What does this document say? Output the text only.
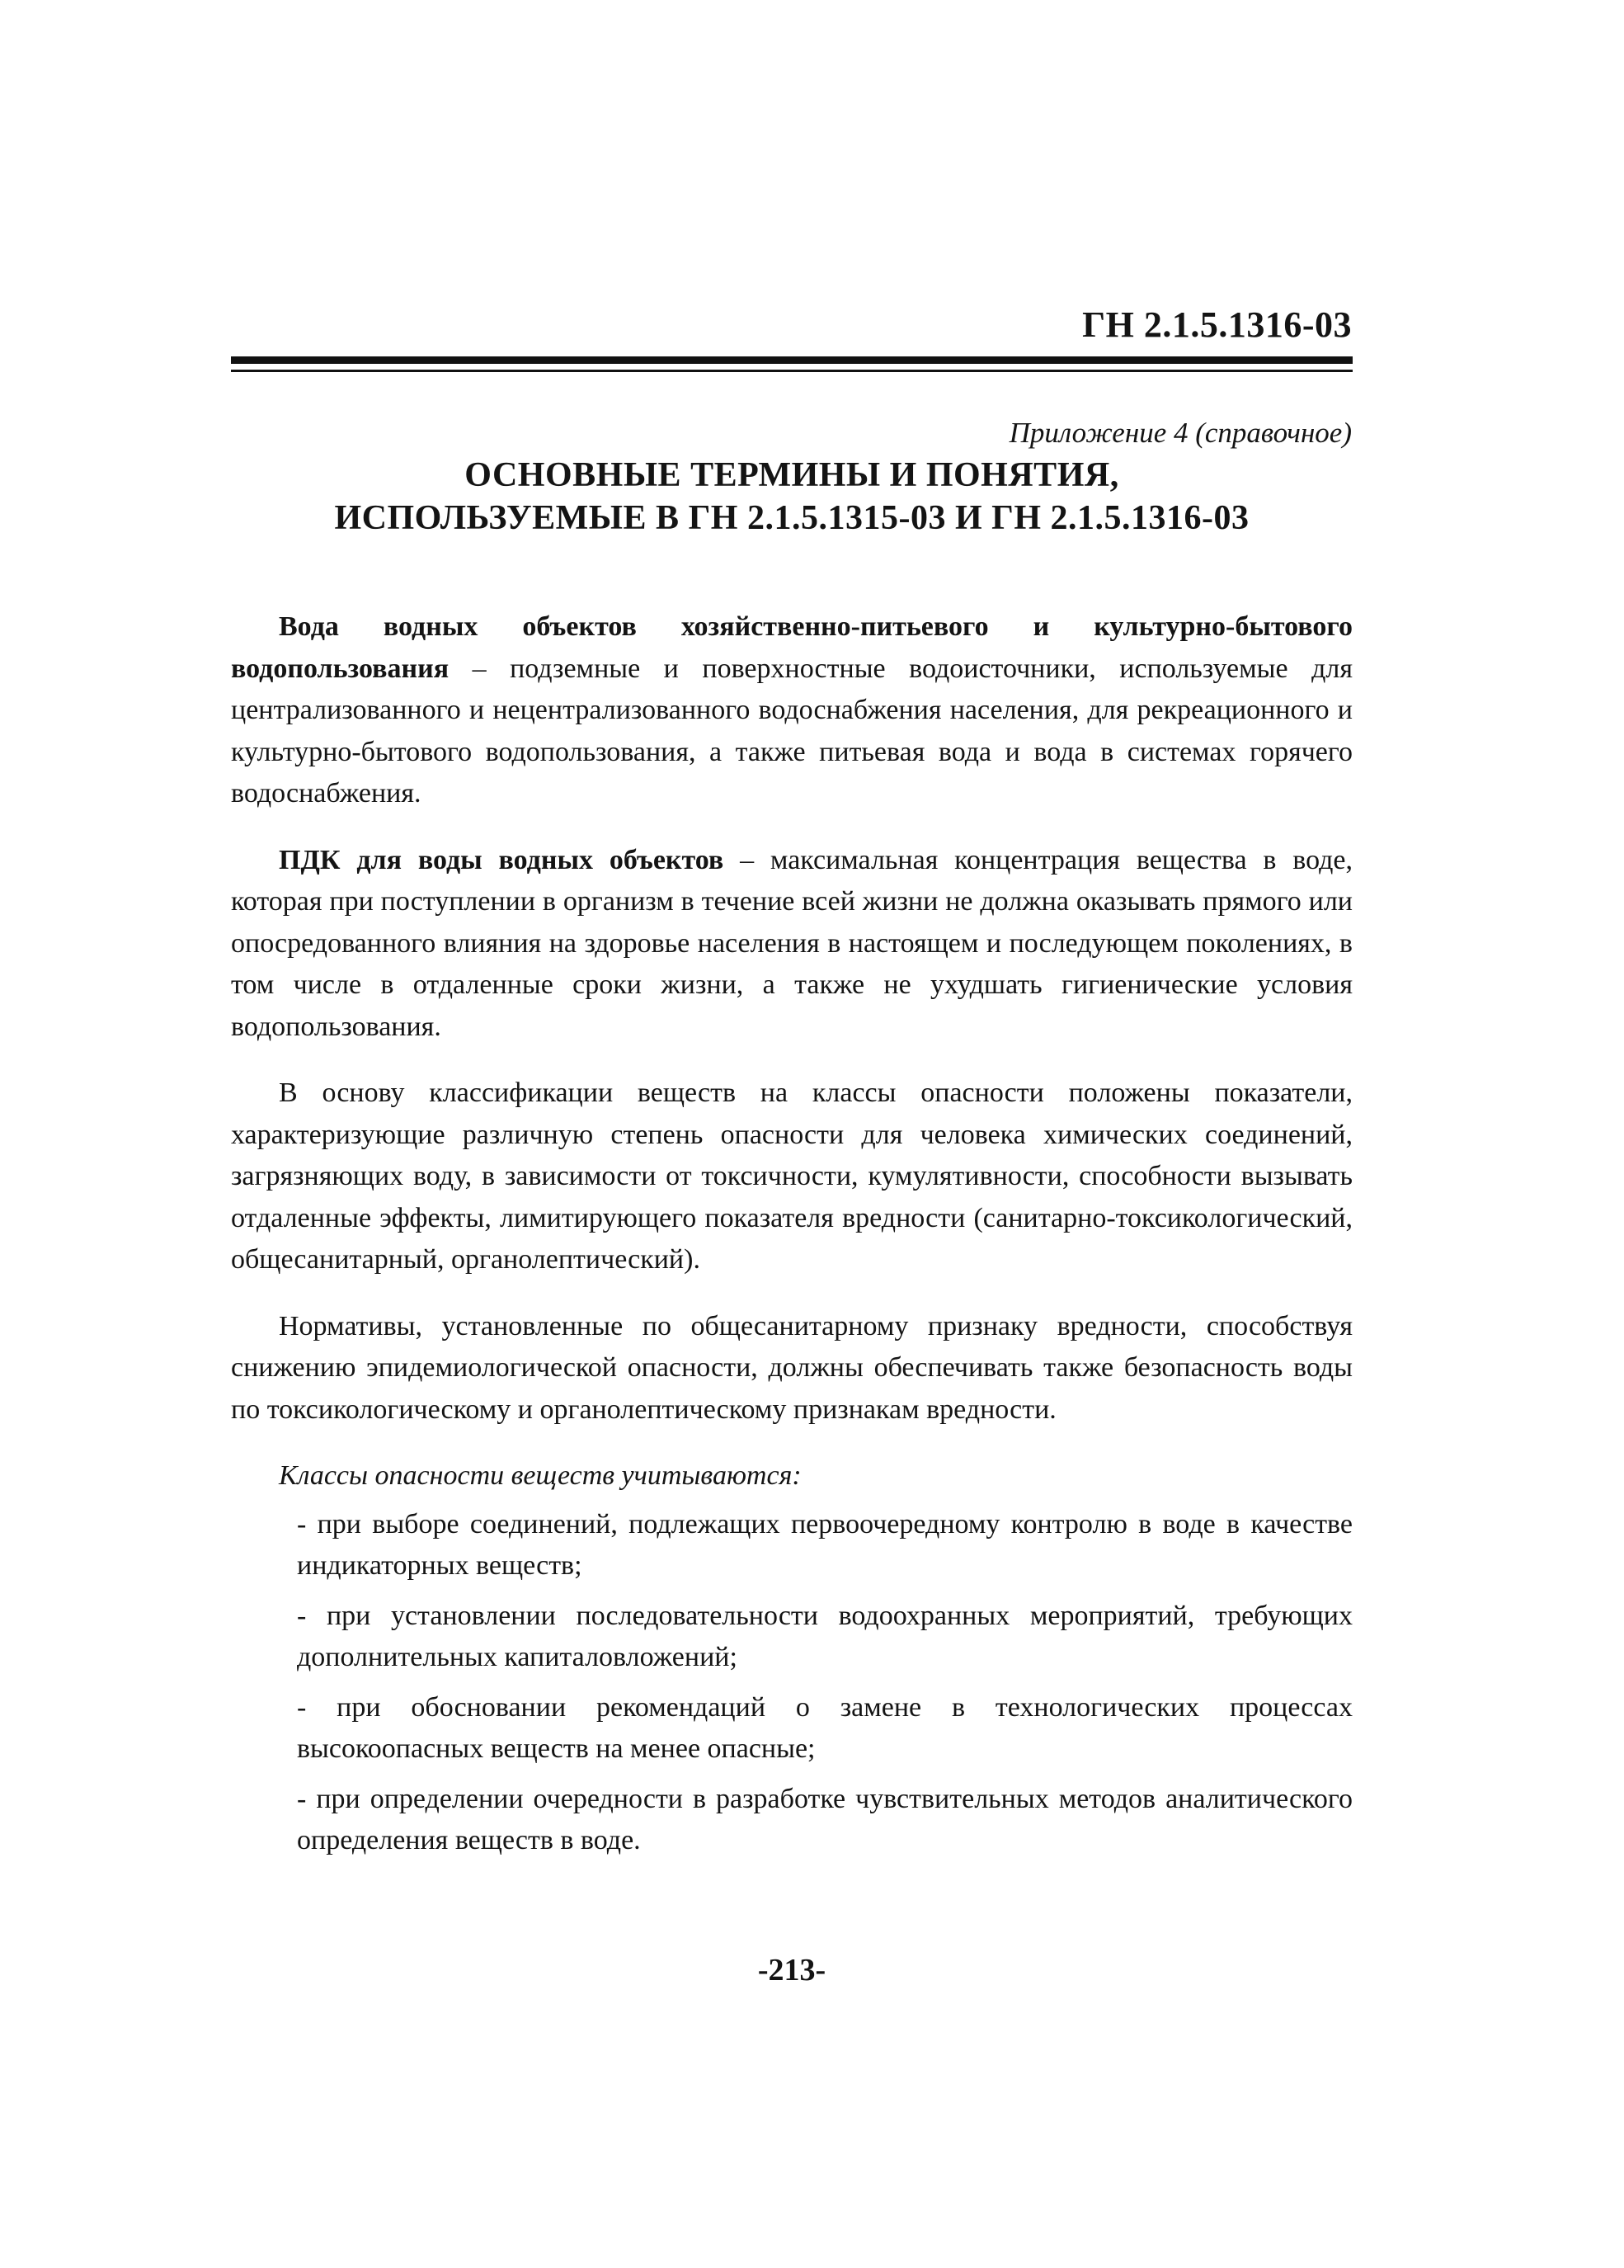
ГН 2.1.5.1316-03
Приложение 4 (справочное)
ОСНОВНЫЕ ТЕРМИНЫ И ПОНЯТИЯ,
ИСПОЛЬЗУЕМЫЕ В ГН 2.1.5.1315-03 И ГН 2.1.5.1316-03

Вода водных объектов хозяйственно-питьевого и культурно-бытового водопользования – подземные и поверхностные водоисточники, используемые для централизованного и нецентрализованного водоснабжения населения, для рекреационного и культурно-бытового водопользования, а также питьевая вода и вода в системах горячего водоснабжения.

ПДК для воды водных объектов – максимальная концентрация вещества в воде, которая при поступлении в организм в течение всей жизни не должна оказывать прямого или опосредованного влияния на здоровье населения в настоящем и последующем поколениях, в том числе в отдаленные сроки жизни, а также не ухудшать гигиенические условия водопользования.

В основу классификации веществ на классы опасности положены показатели, характеризующие различную степень опасности для человека химических соединений, загрязняющих воду, в зависимости от токсичности, кумулятивности, способности вызывать отдаленные эффекты, лимитирующего показателя вредности (санитарно-токсикологический, общесанитарный, органолептический).

Нормативы, установленные по общесанитарному признаку вредности, способствуя снижению эпидемиологической опасности, должны обеспечивать также безопасность воды по токсикологическому и органолептическому признакам вредности.

Классы опасности веществ учитываются:
- при выборе соединений, подлежащих первоочередному контролю в воде в качестве индикаторных веществ;
- при установлении последовательности водоохранных мероприятий, требующих дополнительных капиталовложений;
- при обосновании рекомендаций о замене в технологических процессах высокоопасных веществ на менее опасные;
- при определении очередности в разработке чувствительных методов аналитического определения веществ в воде.
-213-
